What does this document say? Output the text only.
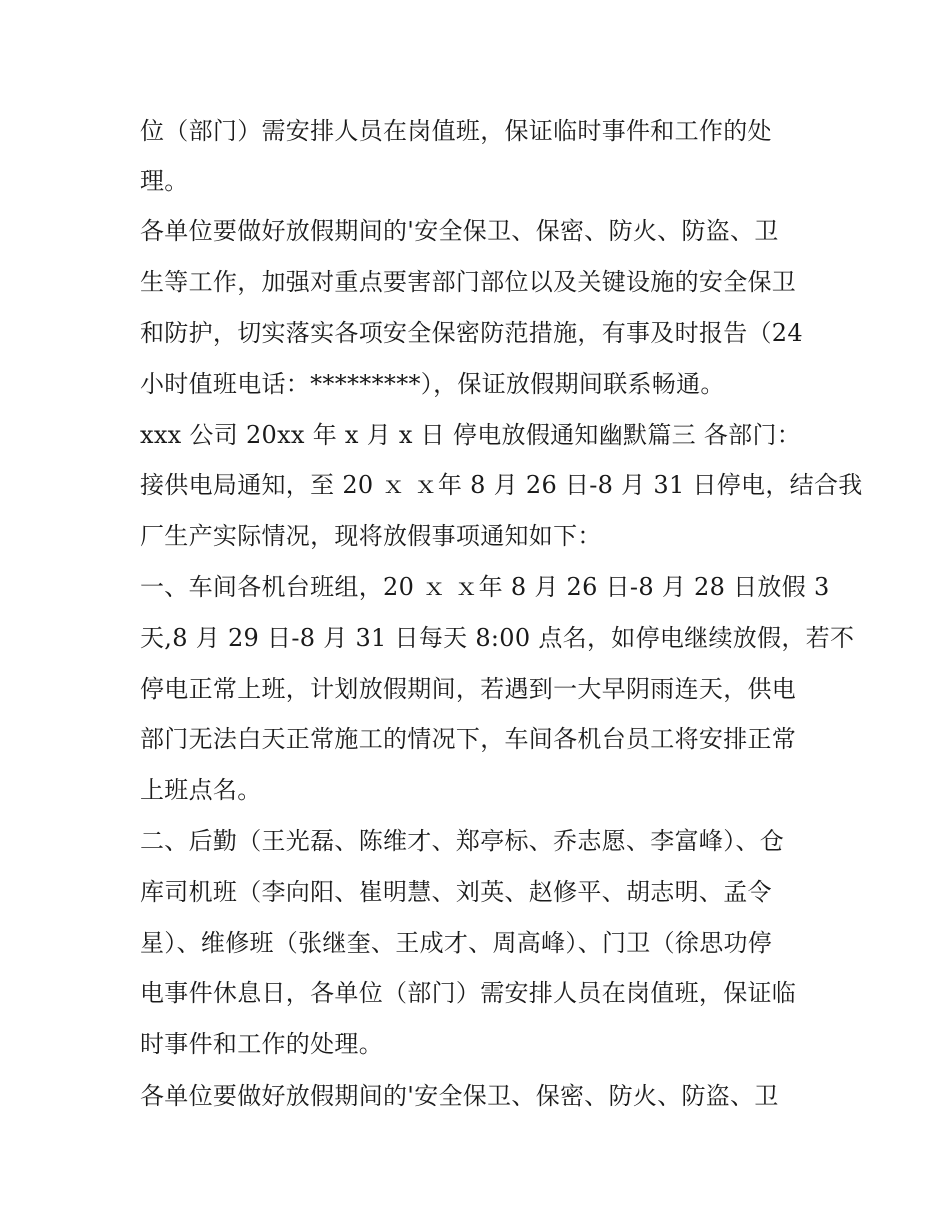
位（部门）需安排人员在岗值班，保证临时事件和工作的处
理。
各单位要做好放假期间的'安全保卫、保密、防火、防盗、卫
生等工作，加强对重点要害部门部位以及关键设施的安全保卫
和防护，切实落实各项安全保密防范措施，有事及时报告（24
小时值班电话：*********），保证放假期间联系畅通。
xxx 公司 20xx 年 x 月 x 日 停电放假通知幽默篇三 各部门：
接供电局通知，至 20 ｘ ｘ年 8 月 26 日-8 月 31 日停电，结合我
厂生产实际情况，现将放假事项通知如下：
一、车间各机台班组，20 ｘ ｘ年 8 月 26 日-8 月 28 日放假 3
天,8 月 29 日-8 月 31 日每天 8:00 点名，如停电继续放假，若不
停电正常上班，计划放假期间，若遇到一大早阴雨连天，供电
部门无法白天正常施工的情况下，车间各机台员工将安排正常
上班点名。
二、后勤（王光磊、陈维才、郑亭标、乔志愿、李富峰）、仓
库司机班（李向阳、崔明慧、刘英、赵修平、胡志明、孟令
星）、维修班（张继奎、王成才、周高峰）、门卫（徐思功停
电事件休息日，各单位（部门）需安排人员在岗值班，保证临
时事件和工作的处理。
各单位要做好放假期间的'安全保卫、保密、防火、防盗、卫
